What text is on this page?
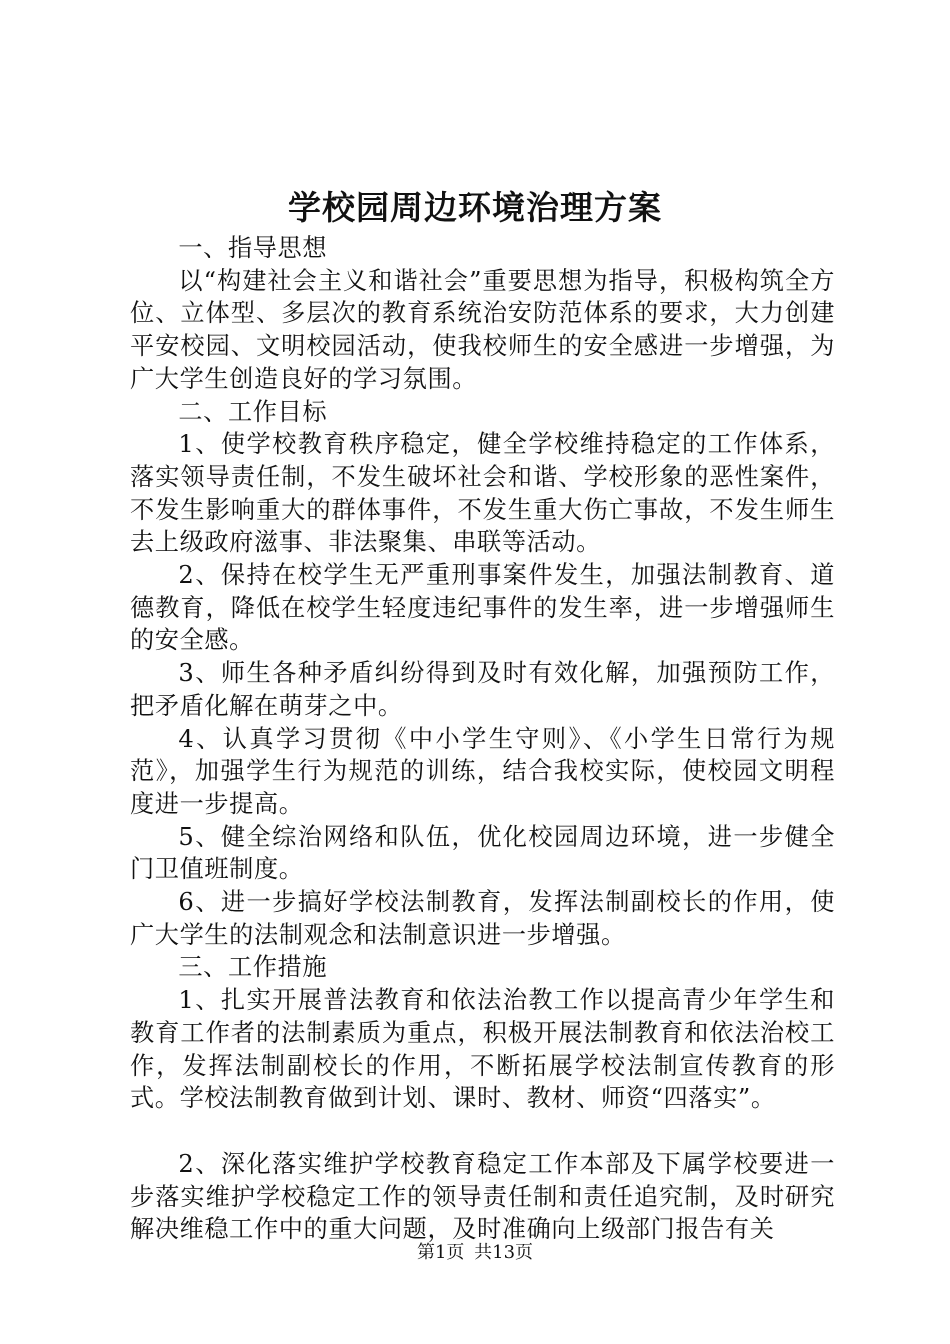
学校园周边环境治理方案

一、指导思想

以“构建社会主义和谐社会”重要思想为指导，积极构筑全方位、立体型、多层次的教育系统治安防范体系的要求，大力创建平安校园、文明校园活动，使我校师生的安全感进一步增强，为广大学生创造良好的学习氛围。

二、工作目标

1、使学校教育秩序稳定，健全学校维持稳定的工作体系，落实领导责任制，不发生破坏社会和谐、学校形象的恶性案件，不发生影响重大的群体事件，不发生重大伤亡事故，不发生师生去上级政府滋事、非法聚集、串联等活动。

2、保持在校学生无严重刑事案件发生，加强法制教育、道德教育，降低在校学生轻度违纪事件的发生率，进一步增强师生的安全感。

3、师生各种矛盾纠纷得到及时有效化解，加强预防工作，把矛盾化解在萌芽之中。

4、认真学习贯彻《中小学生守则》、《小学生日常行为规范》，加强学生行为规范的训练，结合我校实际，使校园文明程度进一步提高。

5、健全综治网络和队伍，优化校园周边环境，进一步健全门卫值班制度。

6、进一步搞好学校法制教育，发挥法制副校长的作用，使广大学生的法制观念和法制意识进一步增强。

三、工作措施

1、扎实开展普法教育和依法治教工作以提高青少年学生和教育工作者的法制素质为重点，积极开展法制教育和依法治校工作，发挥法制副校长的作用，不断拓展学校法制宣传教育的形式。学校法制教育做到计划、课时、教材、师资“四落实”。

2、深化落实维护学校教育稳定工作本部及下属学校要进一步落实维护学校稳定工作的领导责任制和责任追究制，及时研究解决维稳工作中的重大问题，及时准确向上级部门报告有关

第1页 共13页
